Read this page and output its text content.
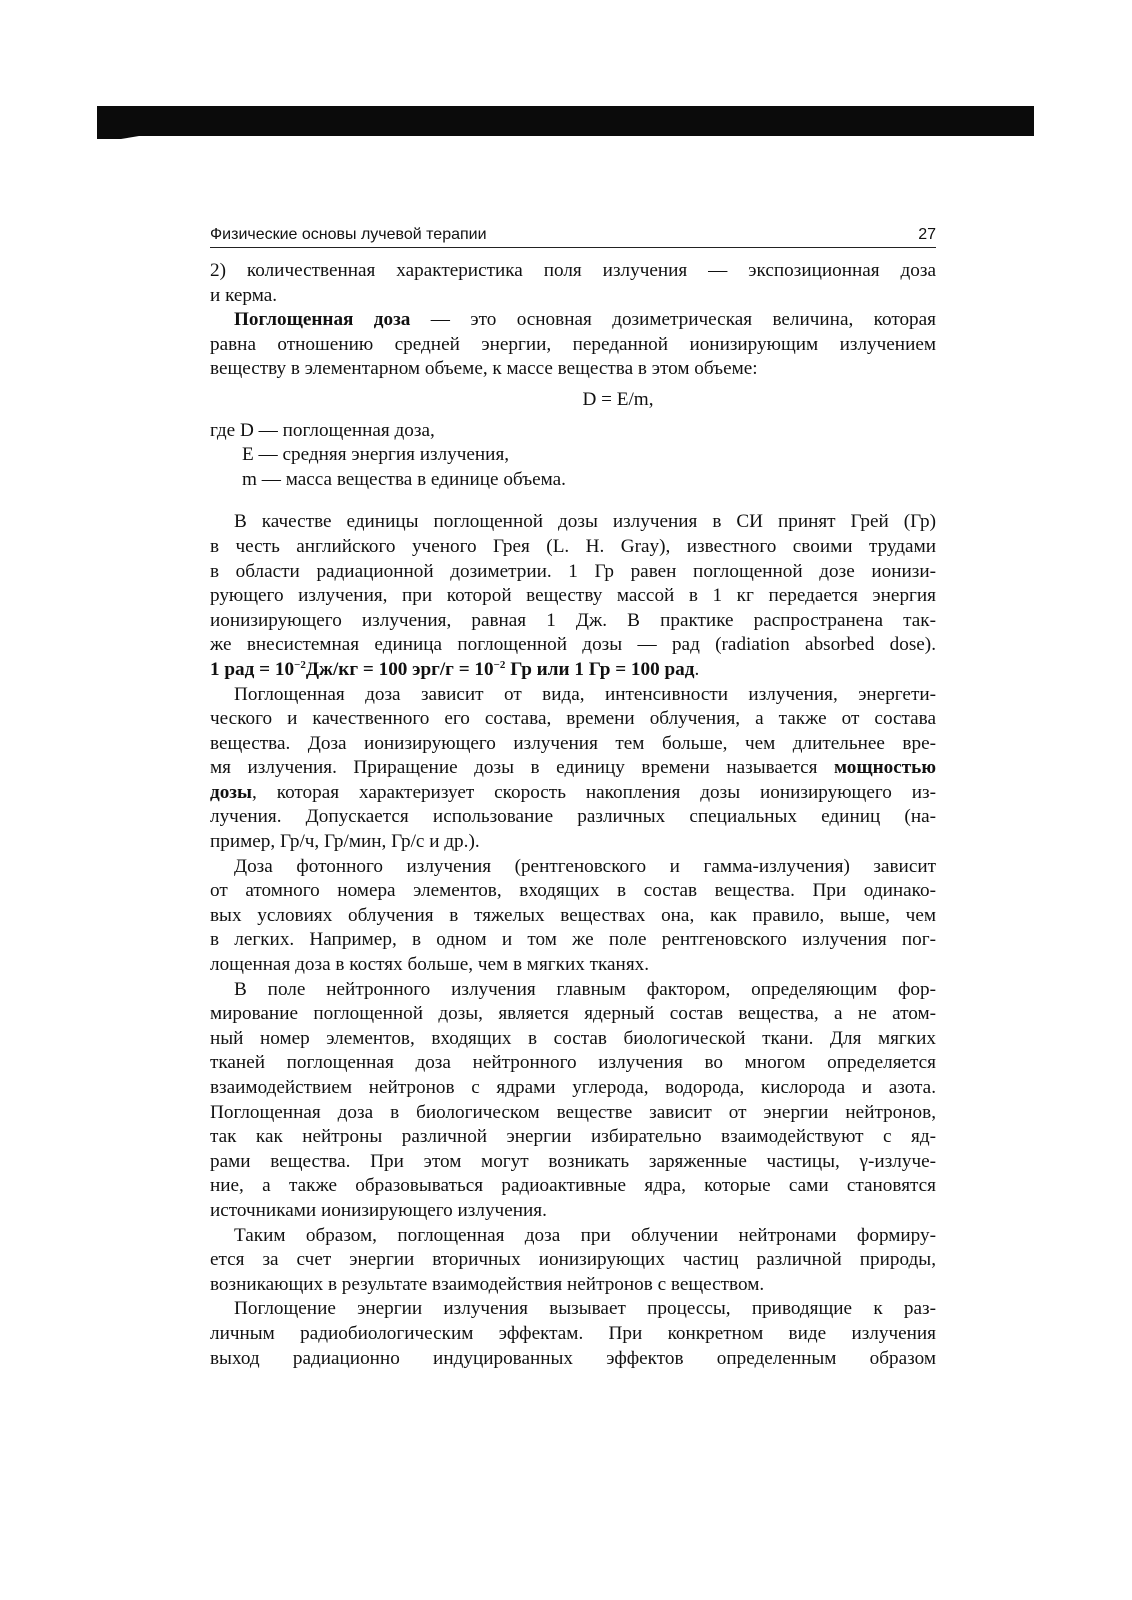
Физические основы лучевой терапии	27
2) количественная характеристика поля излучения — экспозиционная доза
и керма.
Поглощенная доза — это основная дозиметрическая величина, которая
равна отношению средней энергии, переданной ионизирующим излучением
веществу в элементарном объеме, к массе вещества в этом объеме:
D = E/m,
где D — поглощенная доза,
E — средняя энергия излучения,
m — масса вещества в единице объема.
В качестве единицы поглощенной дозы излучения в СИ принят Грей (Гр)
в честь английского ученого Грея (L. H. Gray), известного своими трудами
в области радиационной дозиметрии. 1 Гр равен поглощенной дозе ионизи-
рующего излучения, при которой веществу массой в 1 кг передается энергия
ионизирующего излучения, равная 1 Дж. В практике распространена так-
же внесистемная единица поглощенной дозы — рад (radiation absorbed dose).
1 рад = $10^{-2}Дж/кг = 100$ $эрг/г = 10^{-2}$ Гр или 1 Гр = 100 рад.
Поглощенная доза зависит от вида, интенсивности излучения, энергети-
ческого и качественного его состава, времени облучения, а также от состава
вещества. Доза ионизирующего излучения тем больше, чем длительнее вре-
мя излучения. Приращение дозы в единицу времени называется мощностью
дозы, которая характеризует скорость накопления дозы ионизирующего из-
лучения. Допускается использование различных специальных единиц (на-
пример, Гр/ч, Гр/мин, Гр/с и др.).
Доза фотонного излучения (рентгеновского и гамма-излучения) зависит
от атомного номера элементов, входящих в состав вещества. При одинако-
вых условиях облучения в тяжелых веществах она, как правило, выше, чем
в легких. Например, в одном и том же поле рентгеновского излучения пог-
лощенная доза в костях больше, чем в мягких тканях.
В поле нейтронного излучения главным фактором, определяющим фор-
мирование поглощенной дозы, является ядерный состав вещества, а не атом-
ный номер элементов, входящих в состав биологической ткани. Для мягких
тканей поглощенная доза нейтронного излучения во многом определяется
взаимодействием нейтронов с ядрами углерода, водорода, кислорода и азота.
Поглощенная доза в биологическом веществе зависит от энергии нейтронов,
так как нейтроны различной энергии избирательно взаимодействуют с яд-
рами вещества. При этом могут возникать заряженные частицы, γ-излуче-
ние, а также образовываться радиоактивные ядра, которые сами становятся
источниками ионизирующего излучения.
Таким образом, поглощенная доза при облучении нейтронами формиру-
ется за счет энергии вторичных ионизирующих частиц различной природы,
возникающих в результате взаимодействия нейтронов с веществом.
Поглощение энергии излучения вызывает процессы, приводящие к раз-
личным радиобиологическим эффектам. При конкретном виде излучения
выход радиационно индуцированных эффектов определенным образом
